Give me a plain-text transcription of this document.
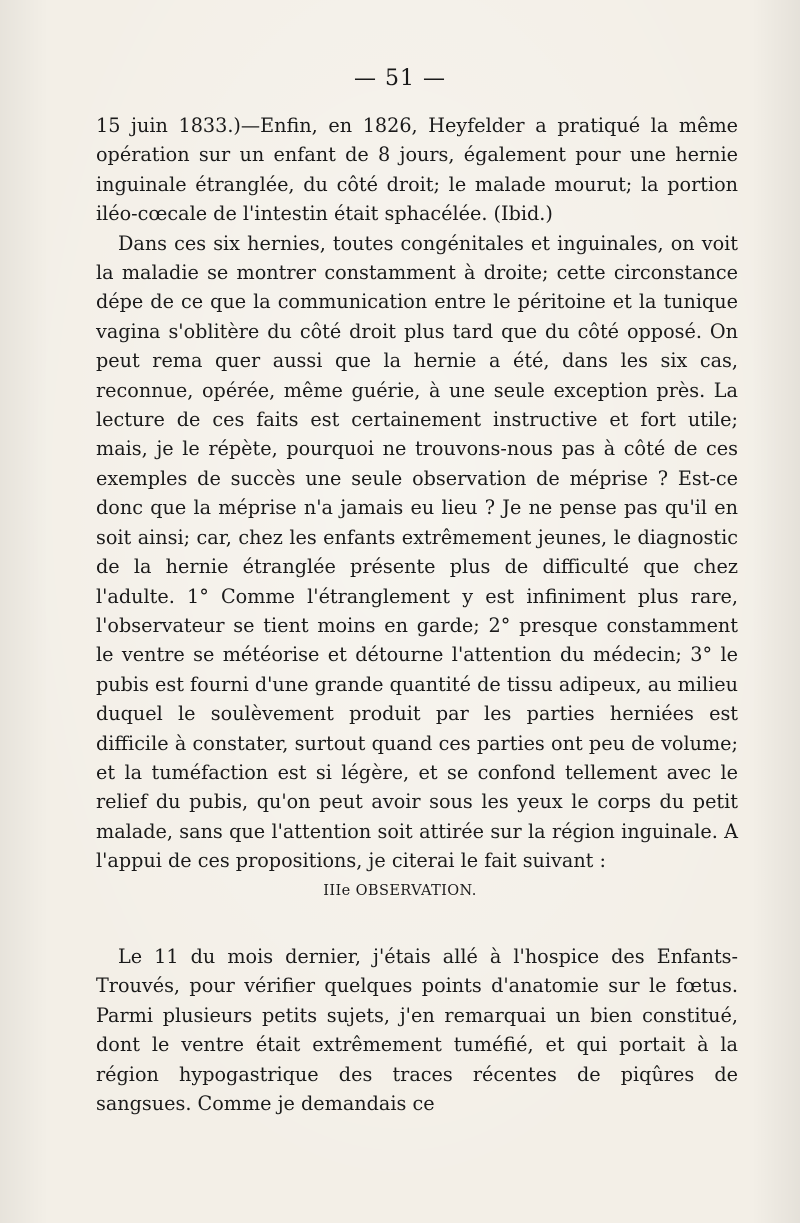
— 51 —

15 juin 1833.)—Enfin, en 1826, Heyfelder a pratiqué la même opération sur un enfant de 8 jours, également pour une hernie inguinale étranglée, du côté droit; le malade mourut; la portion iléo-cœcale de l'intestin était sphacélée. (Ibid.)

Dans ces six hernies, toutes congénitales et inguinales, on voit la maladie se montrer constamment à droite; cette circonstance dépe de ce que la communication entre le péritoine et la tunique vagina s'oblitère du côté droit plus tard que du côté opposé. On peut rema quer aussi que la hernie a été, dans les six cas, reconnue, opérée, même guérie, à une seule exception près. La lecture de ces faits est certainement instructive et fort utile; mais, je le répète, pourquoi ne trouvons-nous pas à côté de ces exemples de succès une seule observation de méprise ? Est-ce donc que la méprise n'a jamais eu lieu ? Je ne pense pas qu'il en soit ainsi; car, chez les enfants extrêmement jeunes, le diagnostic de la hernie étranglée présente plus de difficulté que chez l'adulte. 1° Comme l'étranglement y est infiniment plus rare, l'observateur se tient moins en garde; 2° presque constamment le ventre se météorise et détourne l'attention du médecin; 3° le pubis est fourni d'une grande quantité de tissu adipeux, au milieu duquel le soulèvement produit par les parties herniées est difficile à constater, surtout quand ces parties ont peu de volume; et la tuméfaction est si légère, et se confond tellement avec le relief du pubis, qu'on peut avoir sous les yeux le corps du petit malade, sans que l'attention soit attirée sur la région inguinale. A l'appui de ces propositions, je citerai le fait suivant :

IIIe OBSERVATION.

Le 11 du mois dernier, j'étais allé à l'hospice des Enfants-Trouvés, pour vérifier quelques points d'anatomie sur le fœtus. Parmi plusieurs petits sujets, j'en remarquai un bien constitué, dont le ventre était extrêmement tuméfié, et qui portait à la région hypogastrique des traces récentes de piqûres de sangsues. Comme je demandais ce
